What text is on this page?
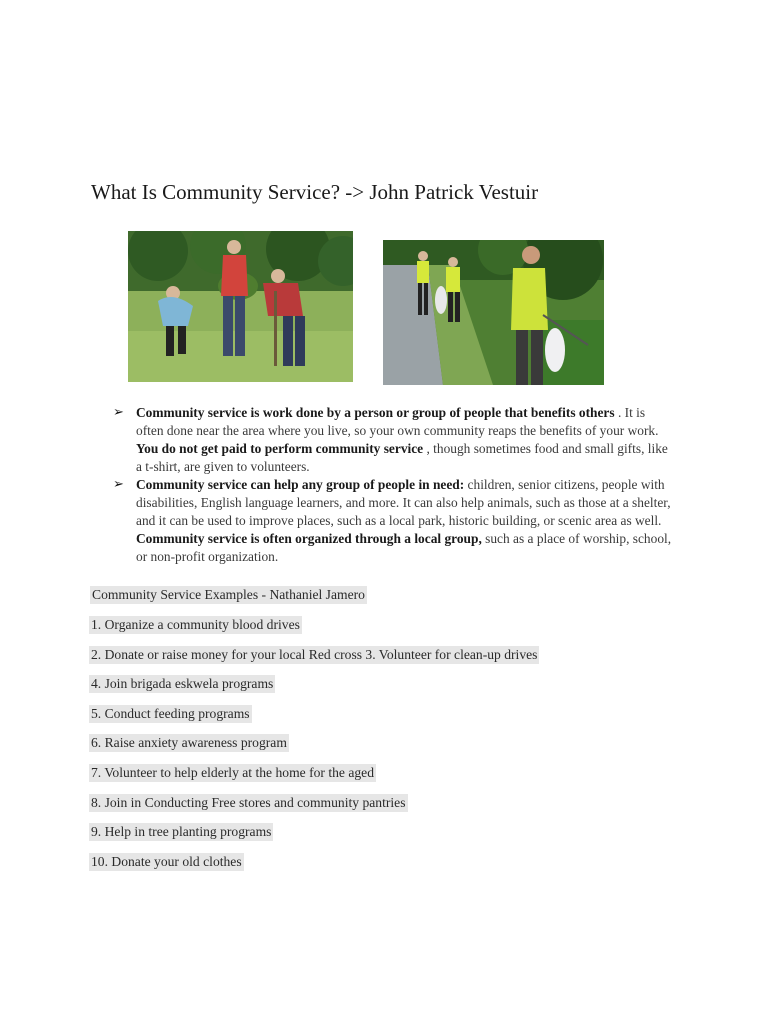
What Is Community Service? -> John Patrick Vestuir

➢ Community service is work done by a person or group of people that benefits others . It is often done near the area where you live, so your own community reaps the benefits of your work. You do not get paid to perform community service , though sometimes food and small gifts, like a t-shirt, are given to volunteers.

➢ Community service can help any group of people in need: children, senior citizens, people with disabilities, English language learners, and more. It can also help animals, such as those at a shelter, and it can be used to improve places, such as a local park, historic building, or scenic area as well. Community service is often organized through a local group, such as a place of worship, school, or non-profit organization.

Community Service Examples - Nathaniel Jamero
1. Organize a community blood drives
2. Donate or raise money for your local Red cross 3. Volunteer for clean-up drives
4. Join brigada eskwela programs
5. Conduct feeding programs
6. Raise anxiety awareness program
7. Volunteer to help elderly at the home for the aged
8. Join in Conducting Free stores and community pantries
9. Help in tree planting programs
10. Donate your old clothes
